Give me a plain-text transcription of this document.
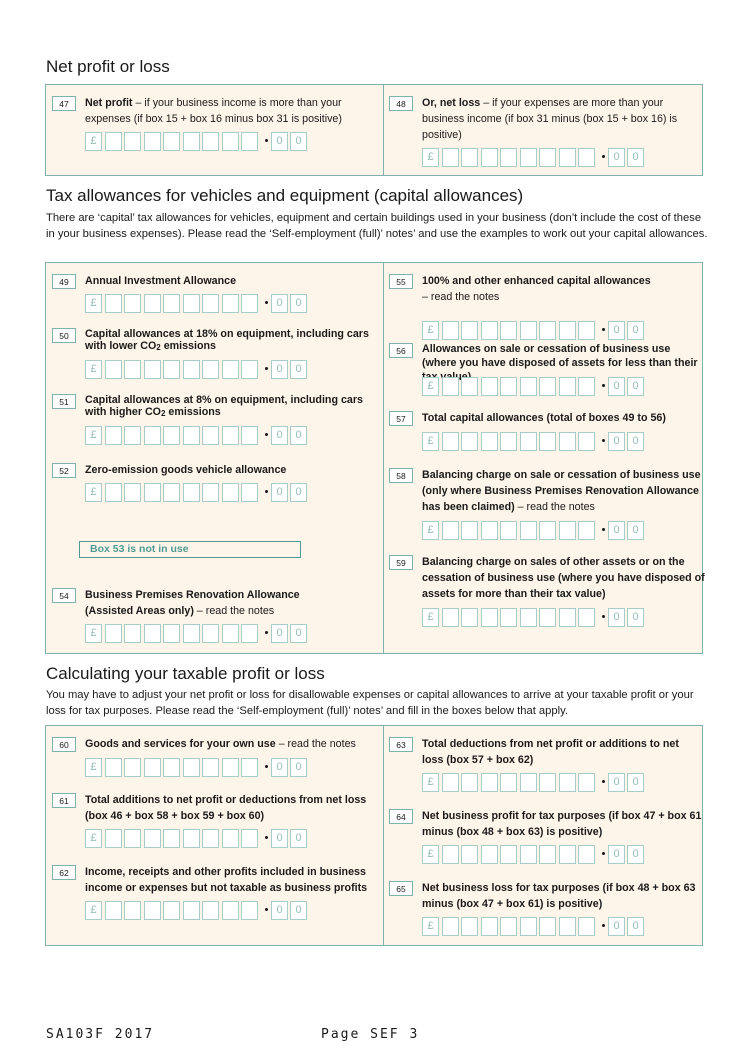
Net profit or loss
47	Net profit – if your business income is more than your expenses (if box 15 + box 16 minus box 31 is positive)
£	0	0
48	Or, net loss – if your expenses are more than your business income (if box 31 minus (box 15 + box 16) is positive)
£	0	0
Tax allowances for vehicles and equipment (capital allowances)

There are ‘capital’ tax allowances for vehicles, equipment and certain buildings used in your business (don’t include the cost of these in your business expenses). Please read the ‘Self-employment (full)’ notes’ and use the examples to work out your capital allowances.

49	Annual Investment Allowance
£	0	0
50	Capital allowances at 18% on equipment, including cars with lower $CO_2$ emissions
£	0	0
51	Capital allowances at 8% on equipment, including cars with higher $CO_2$ emissions
£	0	0
52	Zero-emission goods vehicle allowance
£	0	0
Box 53 is not in use
54	Business Premises Renovation Allowance (Assisted Areas only) – read the notes
£	0	0
55	100% and other enhanced capital allowances
– read the notes
£	0	0
56	Allowances on sale or cessation of business use (where you have disposed of assets for less than their
£	0	0
57	Total capital allowances (total of boxes 49 to 56)
£	0	0
58	Balancing charge on sale or cessation of business use (only where Business Premises Renovation Allowance has been claimed) – read the notes
£	0	0
59	Balancing charge on sales of other assets or on the cessation of business use (where you have disposed of assets for more than their tax value)
£	0	0
Calculating your taxable profit or loss

You may have to adjust your net profit or loss for disallowable expenses or capital allowances to arrive at your taxable profit or your loss for tax purposes. Please read the ‘Self-employment (full)’ notes’ and fill in the boxes below that apply.

60	Goods and services for your own use – read the notes
£	0	0
61	Total additions to net profit or deductions from net loss (box 46 + box 58 + box 59 + box 60)
£	0	0
62	Income, receipts and other profits included in business income or expenses but not taxable as business profits
£	0	0
63	Total deductions from net profit or additions to net loss (box 57 + box 62)
£	0	0
64	Net business profit for tax purposes (if box 47 + box 61 minus (box 48 + box 63) is positive)
£	0	0
65	Net business loss for tax purposes (if box 48 + box 63 minus (box 47 + box 61) is positive)
£	0	0
SA103F 2017	Page SEF 3
